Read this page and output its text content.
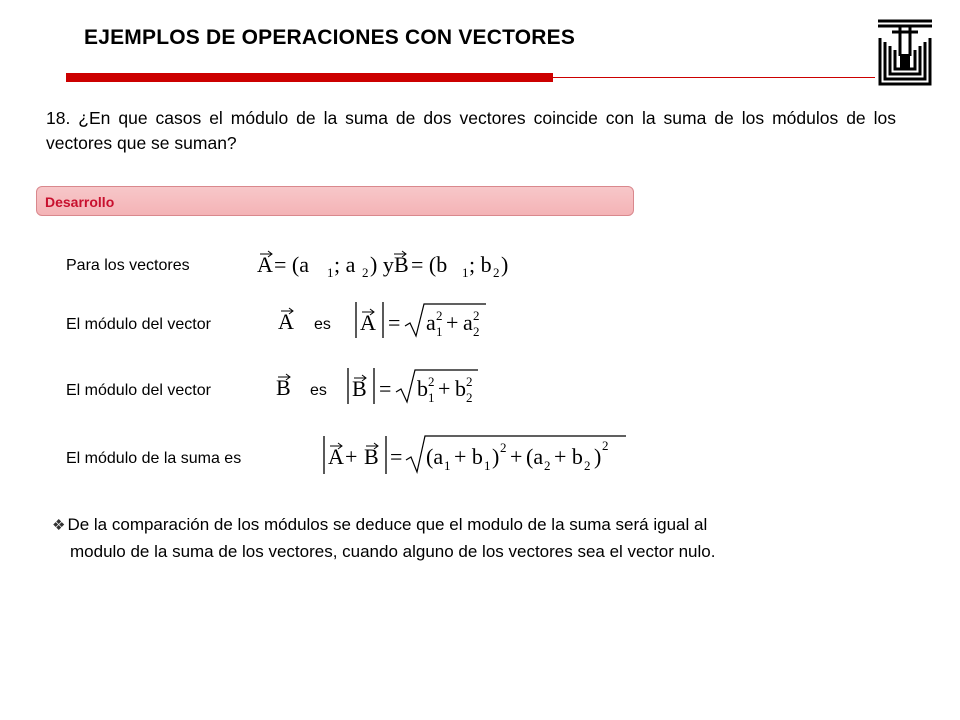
EJEMPLOS DE OPERACIONES CON VECTORES
18. ¿En que casos el módulo de la suma de dos vectores coincide con la suma de los módulos de los vectores que se suman?
Desarrollo
Para los vectores	A = (a 1 ; a 2 ) y B = (b 1 ; b 2 )
El módulo del vector	A es A = a 1
2 + a 2
2
El módulo del vector	B es B = b 1
2 + b 2
2
El módulo de la suma es	A + B = (a 1 + b 1 ) 2 + (a 2 + b 2 ) 2
❖ De la comparación de los módulos se deduce que el modulo de la suma será igual al
modulo de la suma de los vectores, cuando alguno de los vectores sea el vector nulo.
